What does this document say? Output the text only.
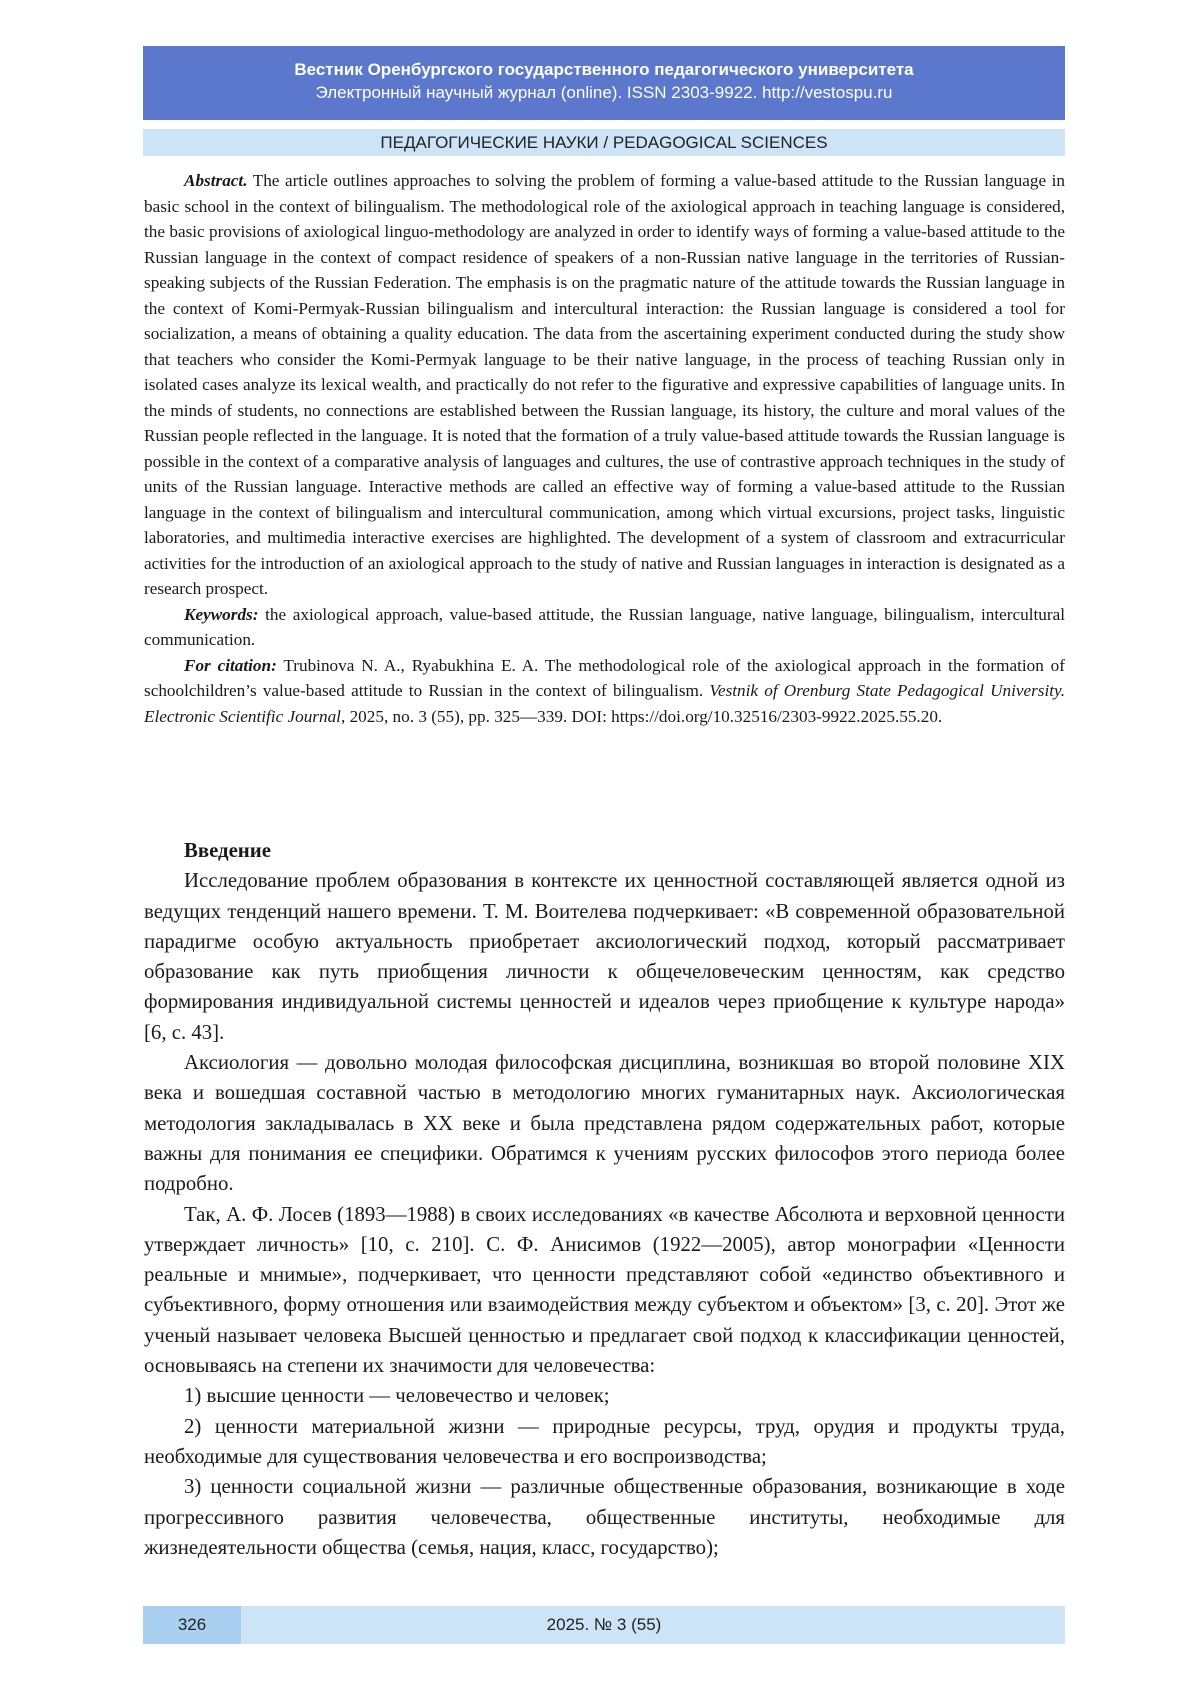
Вестник Оренбургского государственного педагогического университета
Электронный научный журнал (online). ISSN 2303-9922. http://vestospu.ru
ПЕДАГОГИЧЕСКИЕ НАУКИ / PEDAGOGICAL SCIENCES

Abstract. The article outlines approaches to solving the problem of forming a value-based attitude to the Russian language in basic school in the context of bilingualism. The methodological role of the axiological approach in teaching language is considered, the basic provisions of axiological linguo-methodology are analyzed in order to identify ways of forming a value-based attitude to the Russian language in the context of compact residence of speakers of a non-Russian native language in the territories of Russian-speaking subjects of the Russian Federation. The emphasis is on the pragmatic nature of the attitude towards the Russian language in the context of Komi-Permyak-Russian bilingualism and intercultural interaction: the Russian language is considered a tool for socialization, a means of obtaining a quality education. The data from the ascertaining experiment conducted during the study show that teachers who consider the Komi-Permyak language to be their native language, in the process of teaching Russian only in isolated cases analyze its lexical wealth, and practically do not refer to the figurative and expressive capabilities of language units. In the minds of students, no connections are established between the Russian language, its history, the culture and moral values of the Russian people reflected in the language. It is noted that the formation of a truly value-based attitude towards the Russian language is possible in the context of a comparative analysis of languages and cultures, the use of contrastive approach techniques in the study of units of the Russian language. Interactive methods are called an effective way of forming a value-based attitude to the Russian language in the context of bilingualism and intercultural communication, among which virtual excursions, project tasks, linguistic laboratories, and multimedia interactive exercises are highlighted. The development of a system of classroom and extracurricular activities for the introduction of an axiological approach to the study of native and Russian languages in interaction is designated as a research prospect.

Keywords: the axiological approach, value-based attitude, the Russian language, native language, bilingualism, intercultural communication.

For citation: Trubinova N. A., Ryabukhina E. A. The methodological role of the axiological approach in the formation of schoolchildren’s value-based attitude to Russian in the context of bilingualism. Vestnik of Orenburg State Pedagogical University. Electronic Scientific Journal, 2025, no. 3 (55), pp. 325—339. DOI: https://doi.org/10.32516/2303-9922.2025.55.20.

Введение

Исследование проблем образования в контексте их ценностной составляющей является одной из ведущих тенденций нашего времени. Т. М. Воителева подчеркивает: «В современной образовательной парадигме особую актуальность приобретает аксиологический подход, который рассматривает образование как путь приобщения личности к общечеловеческим ценностям, как средство формирования индивидуальной системы ценностей и идеалов через приобщение к культуре народа» [6, с. 43].

Аксиология — довольно молодая философская дисциплина, возникшая во второй половине XIX века и вошедшая составной частью в методологию многих гуманитарных наук. Аксиологическая методология закладывалась в XX веке и была представлена рядом содержательных работ, которые важны для понимания ее специфики. Обратимся к учениям русских философов этого периода более подробно.

Так, А. Ф. Лосев (1893—1988) в своих исследованиях «в качестве Абсолюта и верховной ценности утверждает личность» [10, с. 210]. С. Ф. Анисимов (1922—2005), автор монографии «Ценности реальные и мнимые», подчеркивает, что ценности представляют собой «единство объективного и субъективного, форму отношения или взаимодействия между субъектом и объектом» [3, с. 20]. Этот же ученый называет человека Высшей ценностью и предлагает свой подход к классификации ценностей, основываясь на степени их значимости для человечества:

1) высшие ценности — человечество и человек;

2) ценности материальной жизни — природные ресурсы, труд, орудия и продукты труда, необходимые для существования человечества и его воспроизводства;

3) ценности социальной жизни — различные общественные образования, возникающие в ходе прогрессивного развития человечества, общественные институты, необходимые для жизнедеятельности общества (семья, нация, класс, государство);

2025. № 3 (55)
326
